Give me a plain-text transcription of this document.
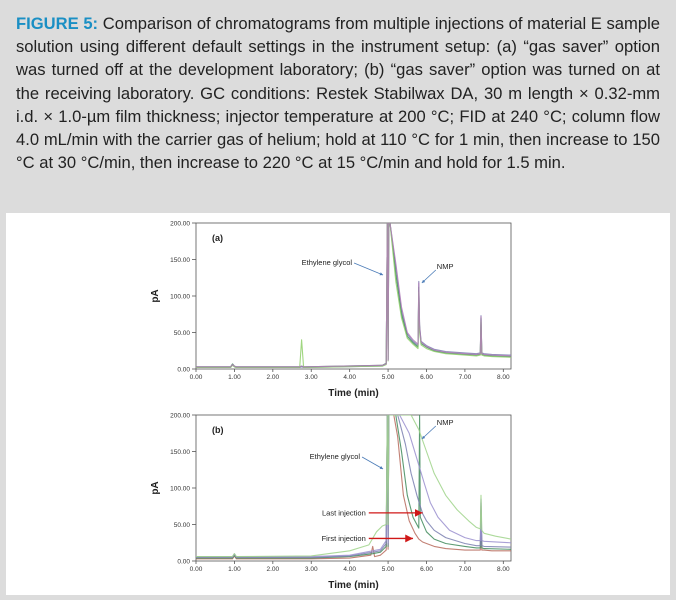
FIGURE 5: Comparison of chromatograms from multiple injections of material E sample solution using different default settings in the instrument setup: (a) “gas saver” option was turned off at the development laboratory; (b) “gas saver” option was turned on at the receiving laboratory. GC conditions: Restek Stabilwax DA, 30 m length × 0.32-mm i.d. × 1.0-µm film thickness; injector temperature at 200 °C; FID at 240 °C; column flow 4.0 mL/min with the carrier gas of helium; hold at 110 °C for 1 min, then increase to 150 °C at 30 °C/min, then increase to 220 °C at 15 °C/min and hold for 1.5 min.

0.00
50.00
100.00
150.00
200.00
0.00	1.00	2.00	3.00	4.00	5.00	6.00	7.00	8.00
Time (min)
pA
(a)
Ethylene glycol	NMP
0.00
50.00
100.00
150.00
200.00
0.00	1.00	2.00	3.00	4.00	5.00	6.00	7.00	8.00
Time (min)
pA
(b)
Ethylene glycol
NMP
Last injection
First injection
